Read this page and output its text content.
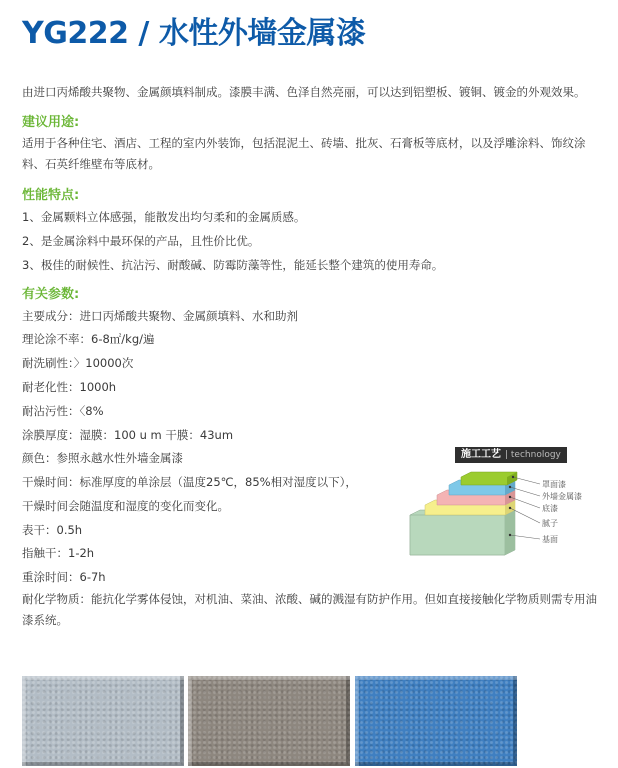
YG222 / 水性外墙金属漆
由进口丙烯酸共聚物、金属颜填料制成。漆膜丰满、色泽自然亮丽，可以达到铝塑板、镀铜、镀金的外观效果。
建议用途:
适用于各种住宅、酒店、工程的室内外装饰，包括混泥土、砖墙、批灰、石膏板等底材，以及浮雕涂料、饰纹涂料、石英纤维壁布等底材。
性能特点:
1、金属颗料立体感强，能散发出均匀柔和的金属质感。
2、是金属涂料中最环保的产品，且性价比优。
3、极佳的耐候性、抗沾污、耐酸碱、防霉防藻等性，能延长整个建筑的使用寿命。
有关参数:
主要成分：进口丙烯酸共聚物、金属颜填料、水和助剂
理论涂不率：6-8㎡/kg/遍
耐洗刷性：〉10000次
耐老化性：1000h
耐沾污性：〈8%
涂膜厚度：湿膜：100 u m 干膜：43um
颜色：参照永越水性外墙金属漆
干燥时间：标准厚度的单涂层（温度25℃，85%相对湿度以下），
干燥时间会随温度和湿度的变化而变化。
表干：0.5h
指触干：1-2h
重涂时间：6-7h
耐化学物质：能抗化学雾体侵蚀，对机油、菜油、浓酸、碱的溅湿有防护作用。但如直接接触化学物质则需专用油漆系统。
施工工艺 | technology
罩面漆
外墙金属漆
底漆
腻子
基面
